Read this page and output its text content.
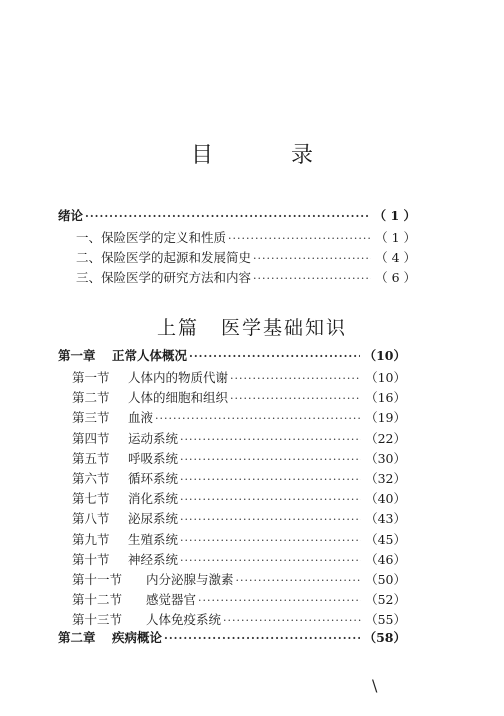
目　录
绪论 ·····	（ 1 ）
一、保险医学的定义和性质 ·····	（ 1 ）
二、保险医学的起源和发展简史 ·····	（ 4 ）
三、保险医学的研究方法和内容 ·····	（ 6 ）
上篇 医学基础知识
第一章 正常人体概况 ·····	（10）
第一节 人体内的物质代谢 ·····	（10）
第二节 人体的细胞和组织 ·····	（16）
第三节 血液 ·····	（19）
第四节 运动系统 ·····	（22）
第五节 呼吸系统 ·····	（30）
第六节 循环系统 ·····	（32）
第七节 消化系统 ·····	（40）
第八节 泌尿系统 ·····	（43）
第九节 生殖系统 ·····	（45）
第十节 神经系统 ·····	（46）
第十一节 内分泌腺与激素 ·····	（50）
第十二节 感觉器官 ·····	（52）
第十三节 人体免疫系统 ·····	（55）
第二章 疾病概论 ·····	（58）
\
